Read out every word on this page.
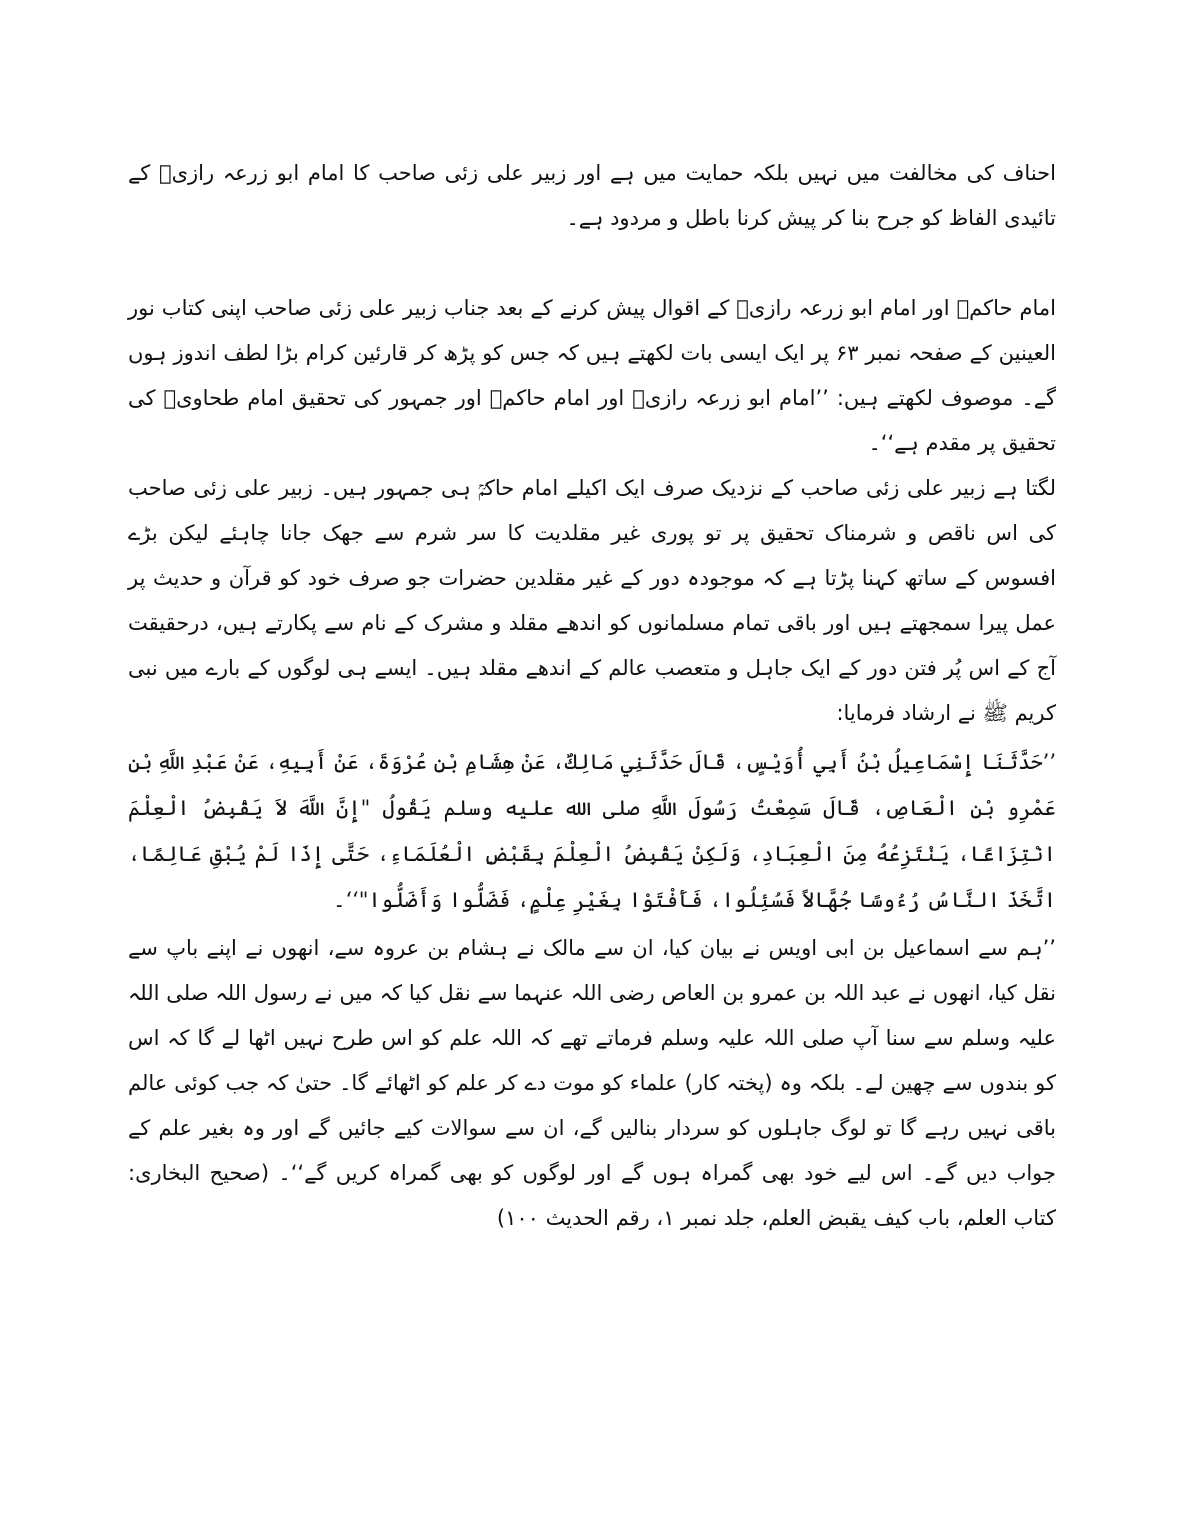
احناف کی مخالفت میں نہیں بلکہ حمایت میں ہے اور زبیر علی زئی صاحب کا امام ابو زرعہ رازیؒ کے تائیدی الفاظ کو جرح بنا کر پیش کرنا باطل و مردود ہے۔

امام حاکمؒ اور امام ابو زرعہ رازیؒ کے اقوال پیش کرنے کے بعد جناب زبیر علی زئی صاحب اپنی کتاب نور العینین کے صفحہ نمبر ۶۳ پر ایک ایسی بات لکھتے ہیں کہ جس کو پڑھ کر قارئین کرام بڑا لطف اندوز ہوں گے۔ موصوف لکھتے ہیں: ’’امام ابو زرعہ رازیؒ اور امام حاکمؒ اور جمہور کی تحقیق امام طحاویؒ کی تحقیق پر مقدم ہے‘‘۔

لگتا ہے زبیر علی زئی صاحب کے نزدیک صرف ایک اکیلے امام حاکمؒ ہی جمہور ہیں۔ زبیر علی زئی صاحب کی اس ناقص و شرمناک تحقیق پر تو پوری غیر مقلدیت کا سر شرم سے جھک جانا چاہئے لیکن بڑے افسوس کے ساتھ کہنا پڑتا ہے کہ موجودہ دور کے غیر مقلدین حضرات جو صرف خود کو قرآن و حدیث پر عمل پیرا سمجھتے ہیں اور باقی تمام مسلمانوں کو اندھے مقلد و مشرک کے نام سے پکارتے ہیں، درحقیقت آج کے اس پُر فتن دور کے ایک جاہل و متعصب عالم کے اندھے مقلد ہیں۔ ایسے ہی لوگوں کے بارے میں نبی کریم ﷺ نے ارشاد فرمایا:

’’حَدَّثَنَا إِسْمَاعِيلُ بْنُ أَبِي أُوَيْسٍ، قَالَ حَدَّثَنِي مَالِكٌ، عَنْ هِشَامِ بْنِ عُرْوَةَ، عَنْ أَبِيهِ، عَنْ عَبْدِ اللَّهِ بْنِ عَمْرِو بْنِ الْعَاصِ، قَالَ سَمِعْتُ رَسُولَ اللَّهِ صلى الله عليه وسلم يَقُولُ "إِنَّ اللَّهَ لاَ يَقْبِضُ الْعِلْمَ انْتِزَاعًا، يَنْتَزِعُهُ مِنَ الْعِبَادِ، وَلَكِنْ يَقْبِضُ الْعِلْمَ بِقَبْضِ الْعُلَمَاءِ، حَتَّى إِذَا لَمْ يُبْقِ عَالِمًا، اتَّخَذَ النَّاسُ رُءُوسًا جُهَّالاً فَسُئِلُوا، فَأَفْتَوْا بِغَيْرِ عِلْمٍ، فَضَلُّوا وَأَضَلُّوا"‘‘۔

’’ہم سے اسماعیل بن ابی اویس نے بیان کیا، ان سے مالک نے ہشام بن عروہ سے، انھوں نے اپنے باپ سے نقل کیا، انھوں نے عبد اللہ بن عمرو بن العاص رضی اللہ عنہما سے نقل کیا کہ میں نے رسول اللہ صلی اللہ علیہ وسلم سے سنا آپ صلی اللہ علیہ وسلم فرماتے تھے کہ اللہ علم کو اس طرح نہیں اٹھا لے گا کہ اس کو بندوں سے چھین لے۔ بلکہ وہ (پختہ کار) علماء کو موت دے کر علم کو اٹھائے گا۔ حتیٰ کہ جب کوئی عالم باقی نہیں رہے گا تو لوگ جاہلوں کو سردار بنالیں گے، ان سے سوالات کیے جائیں گے اور وہ بغیر علم کے جواب دیں گے۔ اس لیے خود بھی گمراہ ہوں گے اور لوگوں کو بھی گمراہ کریں گے‘‘۔ (صحیح البخاری: کتاب العلم، باب کیف یقبض العلم، جلد نمبر ۱، رقم الحدیث ۱۰۰)
